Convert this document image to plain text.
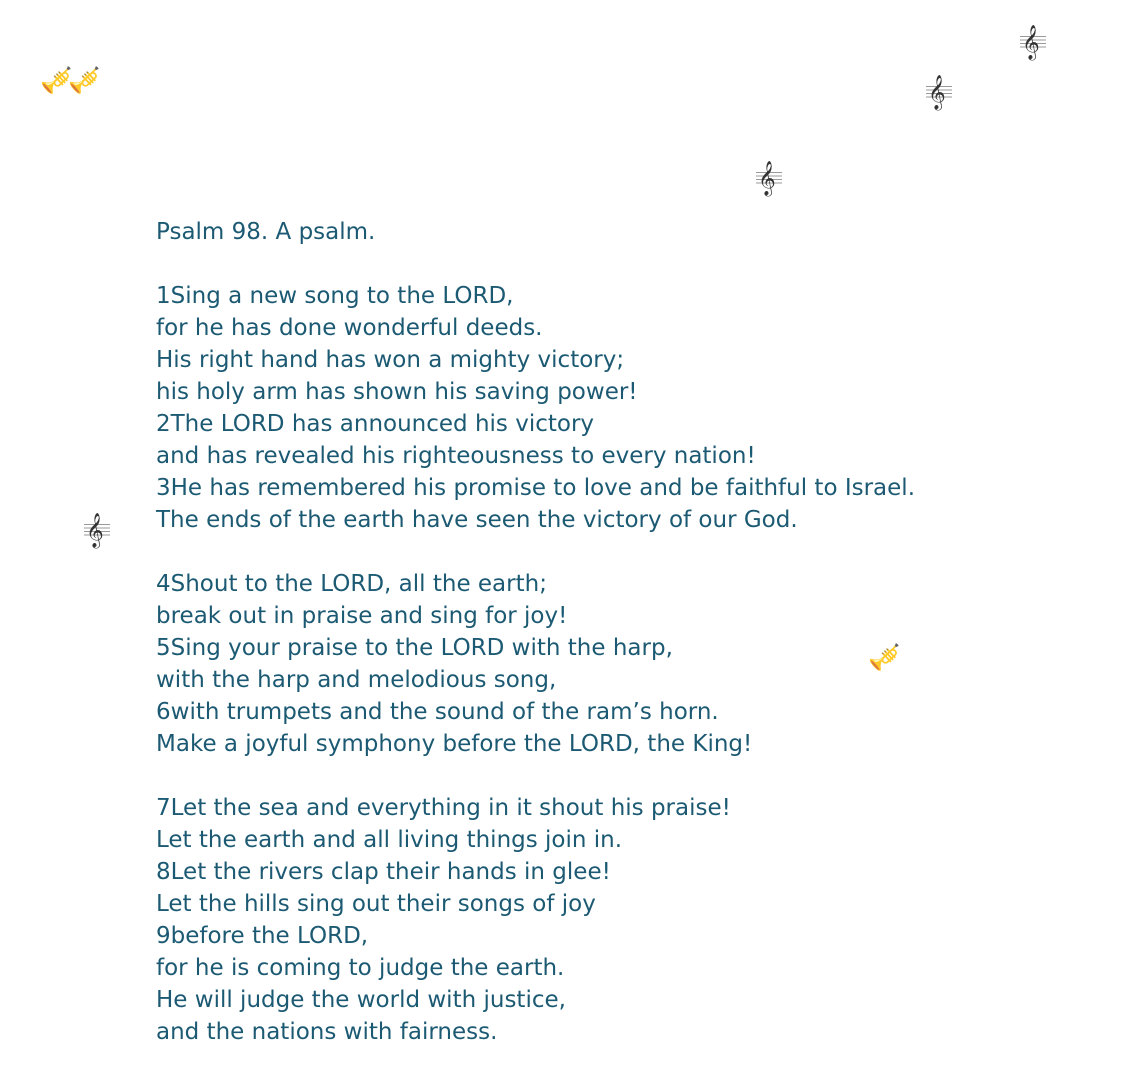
🎺
🎺
𝄞
𝄞
𝄞
𝄞
🎺
Psalm 98. A psalm.
1Sing a new song to the LORD,
for he has done wonderful deeds.
His right hand has won a mighty victory;
his holy arm has shown his saving power!
2The LORD has announced his victory
and has revealed his righteousness to every nation!
3He has remembered his promise to love and be faithful to Israel.
The ends of the earth have seen the victory of our God.
4Shout to the LORD, all the earth;
break out in praise and sing for joy!
5Sing your praise to the LORD with the harp,
with the harp and melodious song,
6with trumpets and the sound of the ram’s horn.
Make a joyful symphony before the LORD, the King!
7Let the sea and everything in it shout his praise!
Let the earth and all living things join in.
8Let the rivers clap their hands in glee!
Let the hills sing out their songs of joy
9before the LORD,
for he is coming to judge the earth.
He will judge the world with justice,
and the nations with fairness.
